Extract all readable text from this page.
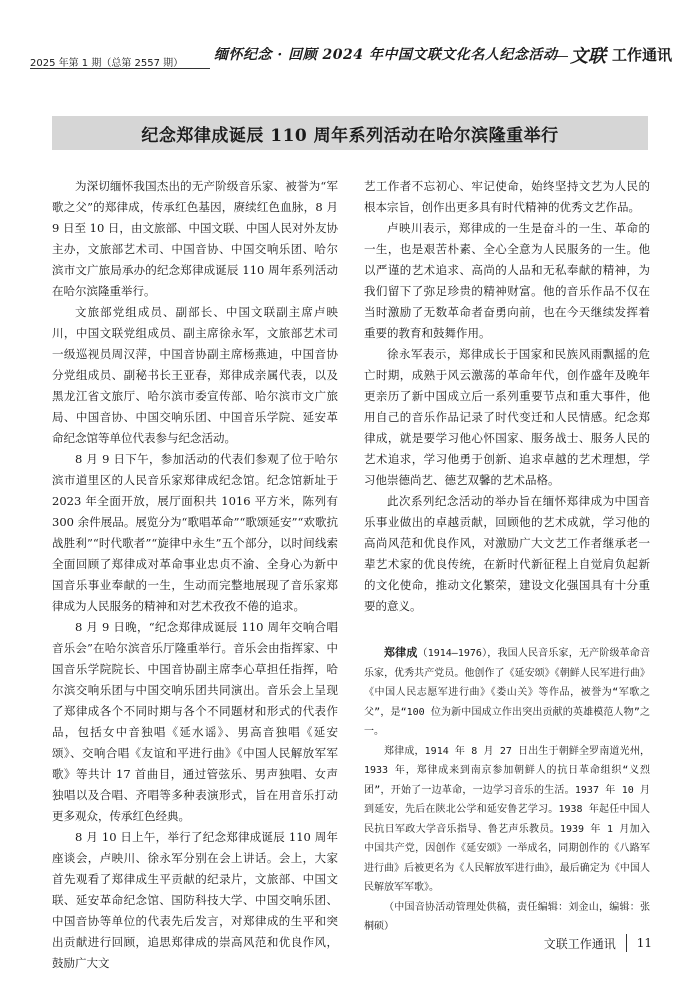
2025 年第 1 期（总第 2557 期）
缅怀纪念 · 回顾 2024 年中国文联文化名人纪念活动 文联 工作通讯
纪念郑律成诞辰 110 周年系列活动在哈尔滨隆重举行

为深切缅怀我国杰出的无产阶级音乐家、被誉为“军歌之父”的郑律成，传承红色基因，赓续红色血脉，8 月 9 日至 10 日，由文旅部、中国文联、中国人民对外友协主办，文旅部艺术司、中国音协、中国交响乐团、哈尔滨市文广旅局承办的纪念郑律成诞辰 110 周年系列活动在哈尔滨隆重举行。

文旅部党组成员、副部长、中国文联副主席卢映川，中国文联党组成员、副主席徐永军，文旅部艺术司一级巡视员周汉萍，中国音协副主席杨燕迪，中国音协分党组成员、副秘书长王亚春，郑律成亲属代表，以及黑龙江省文旅厅、哈尔滨市委宣传部、哈尔滨市文广旅局、中国音协、中国交响乐团、中国音乐学院、延安革命纪念馆等单位代表参与纪念活动。

8 月 9 日下午，参加活动的代表们参观了位于哈尔滨市道里区的人民音乐家郑律成纪念馆。纪念馆新址于 2023 年全面开放，展厅面积共 1016 平方米，陈列有 300 余件展品。展览分为“歌唱革命”“歌颂延安”“欢歌抗战胜利”“时代歌者”“旋律中永生”五个部分，以时间线索全面回顾了郑律成对革命事业忠贞不渝、全身心为新中国音乐事业奉献的一生，生动而完整地展现了音乐家郑律成为人民服务的精神和对艺术孜孜不倦的追求。

8 月 9 日晚，“纪念郑律成诞辰 110 周年交响合唱音乐会”在哈尔滨音乐厅隆重举行。音乐会由指挥家、中国音乐学院院长、中国音协副主席李心草担任指挥，哈尔滨交响乐团与中国交响乐团共同演出。音乐会上呈现了郑律成各个不同时期与各个不同题材和形式的代表作品，包括女中音独唱《延水谣》、男高音独唱《延安颂》、交响合唱《友谊和平进行曲》《中国人民解放军军歌》等共计 17 首曲目，通过管弦乐、男声独唱、女声独唱以及合唱、齐唱等多种表演形式，旨在用音乐打动更多观众，传承红色经典。

8 月 10 日上午，举行了纪念郑律成诞辰 110 周年座谈会，卢映川、徐永军分别在会上讲话。会上，大家首先观看了郑律成生平贡献的纪录片，文旅部、中国文联、延安革命纪念馆、国防科技大学、中国交响乐团、中国音协等单位的代表先后发言，对郑律成的生平和突出贡献进行回顾，追思郑律成的崇高风范和优良作风，鼓励广大文

艺工作者不忘初心、牢记使命，始终坚持文艺为人民的根本宗旨，创作出更多具有时代精神的优秀文艺作品。

卢映川表示，郑律成的一生是奋斗的一生、革命的一生，也是艰苦朴素、全心全意为人民服务的一生。他以严谨的艺术追求、高尚的人品和无私奉献的精神，为我们留下了弥足珍贵的精神财富。他的音乐作品不仅在当时激励了无数革命者奋勇向前，也在今天继续发挥着重要的教育和鼓舞作用。

徐永军表示，郑律成长于国家和民族风雨飘摇的危亡时期，成熟于风云激荡的革命年代，创作盛年及晚年更亲历了新中国成立后一系列重要节点和重大事件，他用自己的音乐作品记录了时代变迁和人民情感。纪念郑律成，就是要学习他心怀国家、服务战士、服务人民的艺术追求，学习他勇于创新、追求卓越的艺术理想，学习他崇德尚艺、德艺双馨的艺术品格。

此次系列纪念活动的举办旨在缅怀郑律成为中国音乐事业做出的卓越贡献，回顾他的艺术成就，学习他的高尚风范和优良作风，对激励广大文艺工作者继承老一辈艺术家的优良传统，在新时代新征程上自觉肩负起新的文化使命，推动文化繁荣，建设文化强国具有十分重要的意义。

郑律成（1914—1976），我国人民音乐家，无产阶级革命音乐家，优秀共产党员。他创作了《延安颂》《朝鲜人民军进行曲》《中国人民志愿军进行曲》《娄山关》等作品，被誉为“军歌之父”，是“100 位为新中国成立作出突出贡献的英雄模范人物”之一。

郑律成，1914 年 8 月 27 日出生于朝鲜全罗南道光州，1933 年，郑律成来到南京参加朝鲜人的抗日革命组织“义烈团”，开始了一边革命，一边学习音乐的生活。1937 年 10 月到延安，先后在陕北公学和延安鲁艺学习。1938 年起任中国人民抗日军政大学音乐指导、鲁艺声乐教员。1939 年 1 月加入中国共产党，因创作《延安颂》一举成名，同期创作的《八路军进行曲》后被更名为《人民解放军进行曲》，最后确定为《中国人民解放军军歌》。

（中国音协活动管理处供稿，责任编辑：刘金山，编辑：张桐硕）

文联工作通讯 11
